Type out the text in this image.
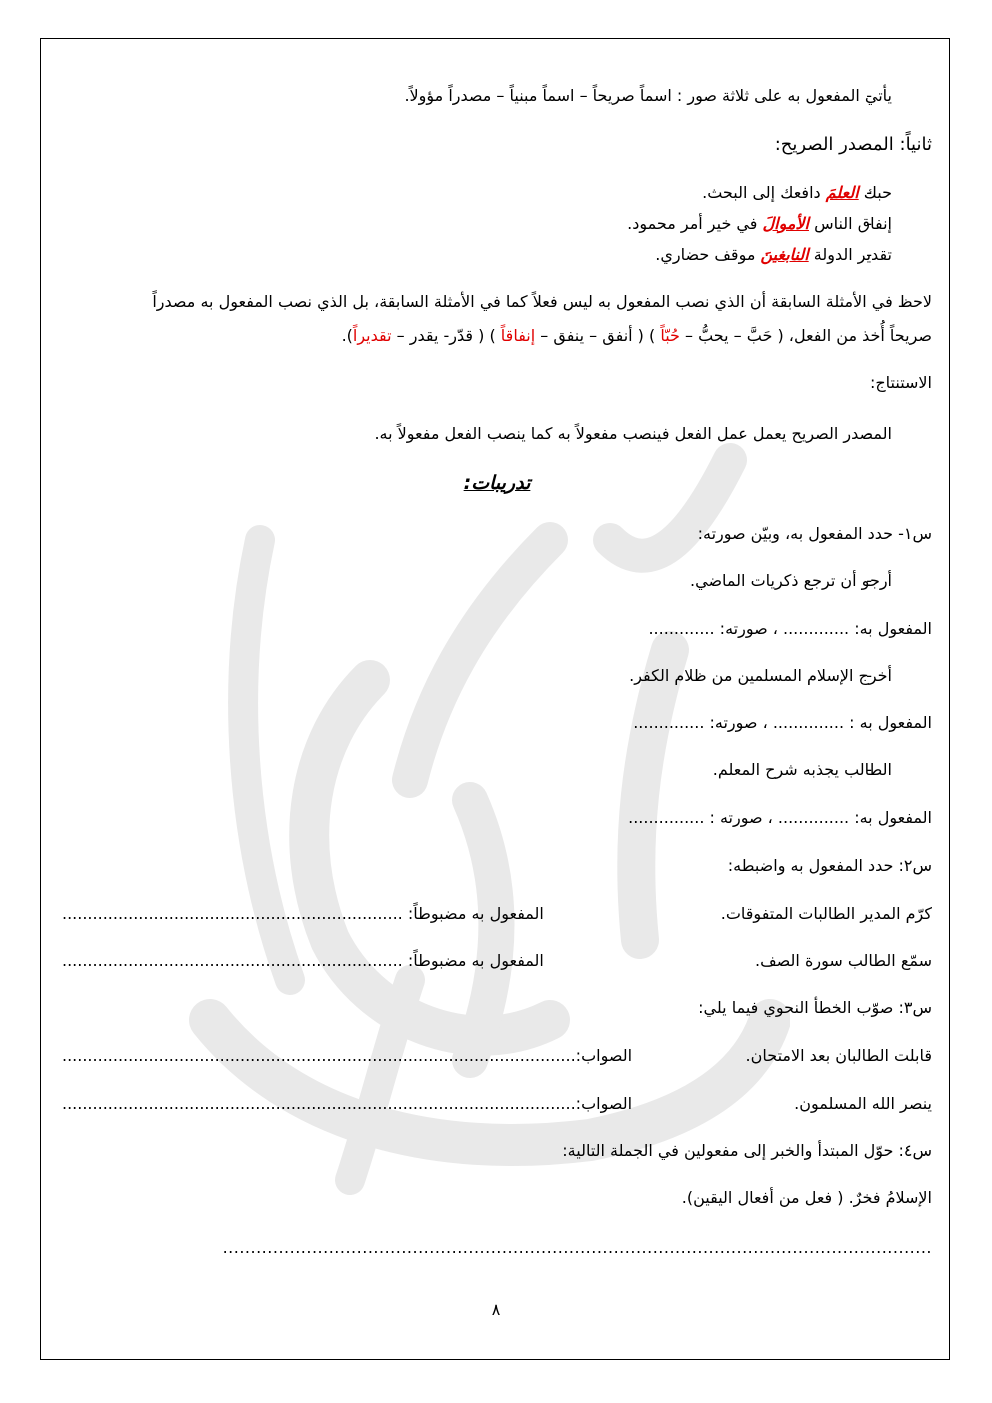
- يأتي المفعول به على ثلاثة صور : اسماً صريحاً – اسماً مبنياً – مصدراً مؤولاً.
ثانياً: المصدر الصريح:
- حبك العلمَ دافعك إلى البحث.
- إنفاق الناس الأموالَ في خير أمر محمود.
- تقدير الدولة النابغينَ موقف حضاري.
لاحظ في الأمثلة السابقة أن الذي نصب المفعول به ليس فعلاً كما في الأمثلة السابقة، بل الذي نصب المفعول به مصدراً
صريحاً أُخذ من الفعل، ( حَبَّ – يحبُّ – حُبّاً ) ( أنفق – ينفق – إنفاقاً ) ( قدّر- يقدر – تقديراً).
الاستنتاج:
- المصدر الصريح يعمل عمل الفعل فينصب مفعولاً به كما ينصب الفعل مفعولاً به.
تدريبات:
س١- حدد المفعول به، وبيّن صورته:
- أرجو أن ترجع ذكريات الماضي.
المفعول به: ............. ، صورته: .............
- أخرج الإسلام المسلمين من ظلام الكفر.
المفعول به : .............. ، صورته: ..............
- الطالب يجذبه شرح المعلم.
المفعول به: .............. ، صورته : ...............
س٢: حدد المفعول به واضبطه:
كرّم المدير الطالبات المتفوقات.
المفعول به مضبوطاً: ...................................................................
سمّع الطالب سورة الصف.
المفعول به مضبوطاً: ...................................................................
س٣: صوّب الخطأ النحوي فيما يلي:
قابلت الطالبان بعد الامتحان.
الصواب:.....................................................................................................
ينصر الله المسلمون.
الصواب:.....................................................................................................
س٤: حوّل المبتدأ والخبر إلى مفعولين في الجملة التالية:
الإسلامُ فخرٌ. ( فعل من أفعال اليقين).
...............................................................................................................................
٨
